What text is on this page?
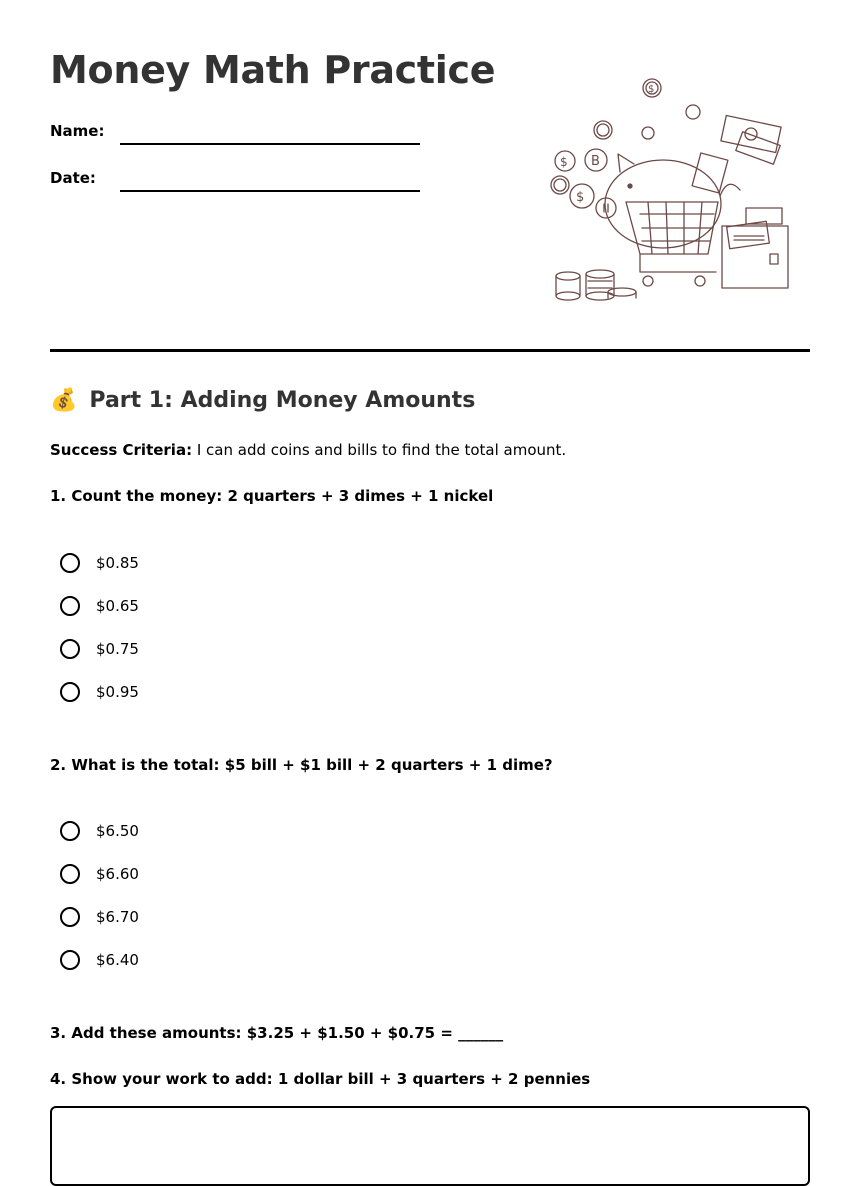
Money Math Practice
Name:
Date:
$
$ B
$
💰 Part 1: Adding Money Amounts
Success Criteria: I can add coins and bills to find the total amount.
1. Count the money: 2 quarters + 3 dimes + 1 nickel
$0.85
$0.65
$0.75
$0.95
2. What is the total: $5 bill + $1 bill + 2 quarters + 1 dime?
$6.50
$6.60
$6.70
$6.40
3. Add these amounts: $3.25 + $1.50 + $0.75 = ______
4. Show your work to add: 1 dollar bill + 3 quarters + 2 pennies
